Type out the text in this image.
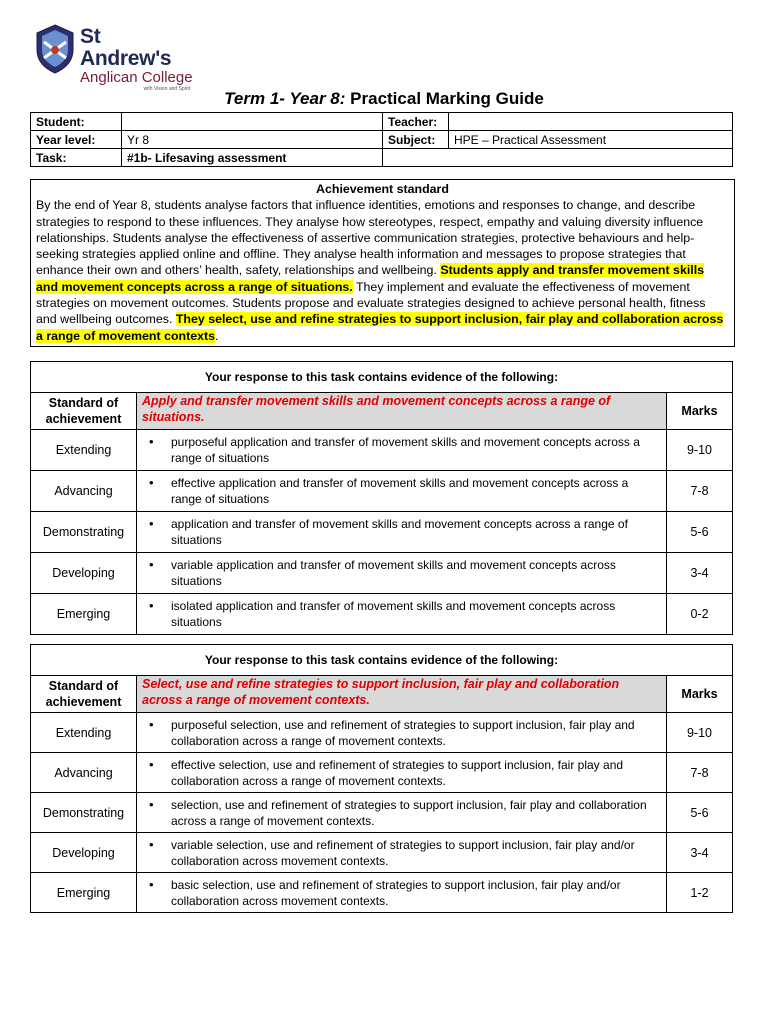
St Andrew's
Anglican College
with Vision and Spirit	Term 1- Year 8: Practical Marking Guide
Student:		Teacher:	
Year level:	Yr 8	Subject:	HPE – Practical Assessment
Task:	#1b- Lifesaving assessment		
Achievement standard
By the end of Year 8, students analyse factors that influence identities, emotions and responses to change, and describe strategies to respond to these influences. They analyse how stereotypes, respect, empathy and valuing diversity influence relationships. Students analyse the effectiveness of assertive communication strategies, protective behaviours and help-seeking strategies applied online and offline. They analyse health information and messages to propose strategies that enhance their own and others’ health, safety, relationships and wellbeing. Students apply and transfer movement skills and movement concepts across a range of situations. They implement and evaluate the effectiveness of movement strategies on movement outcomes. Students propose and evaluate strategies designed to achieve personal health, fitness and wellbeing outcomes. They select, use and refine strategies to support inclusion, fair play and collaboration across a range of movement contexts.
Your response to this task contains evidence of the following:		
Standard of achievement	Apply and transfer movement skills and movement concepts across a range of situations.	Marks
Extending	• purposeful application and transfer of movement skills and movement concepts across a range of situations	9-10
Advancing	• effective application and transfer of movement skills and movement concepts across a range of situations	7-8
Demonstrating	• application and transfer of movement skills and movement concepts across a range of situations	5-6
Developing	• variable application and transfer of movement skills and movement concepts across situations	3-4
Emerging	• isolated application and transfer of movement skills and movement concepts across situations	0-2
Your response to this task contains evidence of the following:		
Standard of achievement	Select, use and refine strategies to support inclusion, fair play and collaboration across a range of movement contexts.	Marks
Extending	• purposeful selection, use and refinement of strategies to support inclusion, fair play and collaboration across a range of movement contexts.	9-10
Advancing	• effective selection, use and refinement of strategies to support inclusion, fair play and collaboration across a range of movement contexts.	7-8
Demonstrating	• selection, use and refinement of strategies to support inclusion, fair play and collaboration across a range of movement contexts.	5-6
Developing	• variable selection, use and refinement of strategies to support inclusion, fair play and/or collaboration across movement contexts.	3-4
Emerging	• basic selection, use and refinement of strategies to support inclusion, fair play and/or collaboration across movement contexts.	1-2
